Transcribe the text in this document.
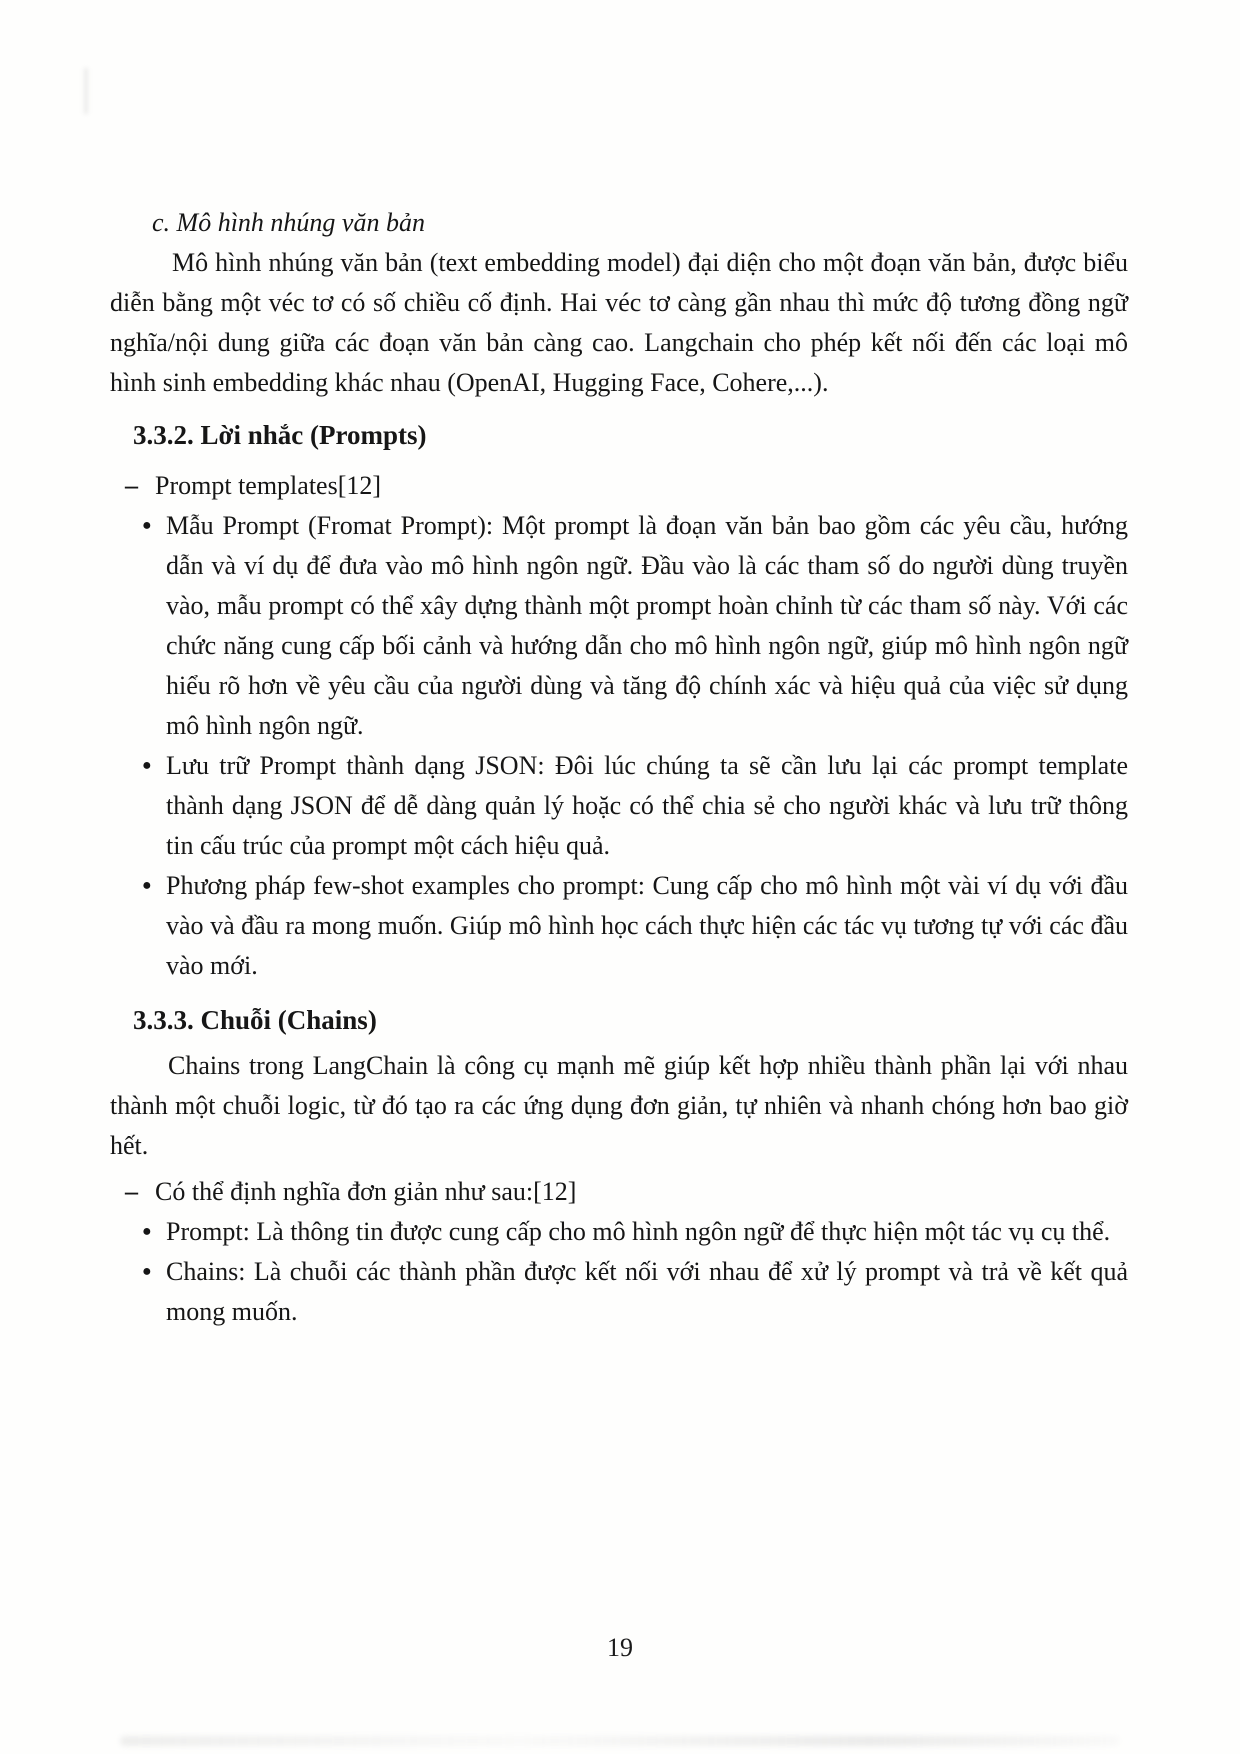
c. Mô hình nhúng văn bản

Mô hình nhúng văn bản (text embedding model) đại diện cho một đoạn văn bản, được biểu diễn bằng một véc tơ có số chiều cố định. Hai véc tơ càng gần nhau thì mức độ tương đồng ngữ nghĩa/nội dung giữa các đoạn văn bản càng cao. Langchain cho phép kết nối đến các loại mô hình sinh embedding khác nhau (OpenAI, Hugging Face, Cohere,...).

3.3.2. Lời nhắc (Prompts)
– Prompt templates[12]
● Mẫu Prompt (Fromat Prompt): Một prompt là đoạn văn bản bao gồm các yêu cầu, hướng dẫn và ví dụ để đưa vào mô hình ngôn ngữ. Đầu vào là các tham số do người dùng truyền vào, mẫu prompt có thể xây dựng thành một prompt hoàn chỉnh từ các tham số này. Với các chức năng cung cấp bối cảnh và hướng dẫn cho mô hình ngôn ngữ, giúp mô hình ngôn ngữ hiểu rõ hơn về yêu cầu của người dùng và tăng độ chính xác và hiệu quả của việc sử dụng mô hình ngôn ngữ.

● Lưu trữ Prompt thành dạng JSON: Đôi lúc chúng ta sẽ cần lưu lại các prompt template thành dạng JSON để dễ dàng quản lý hoặc có thể chia sẻ cho người khác và lưu trữ thông tin cấu trúc của prompt một cách hiệu quả.

● Phương pháp few-shot examples cho prompt: Cung cấp cho mô hình một vài ví dụ với đầu vào và đầu ra mong muốn. Giúp mô hình học cách thực hiện các tác vụ tương tự với các đầu vào mới.

3.3.3. Chuỗi (Chains)

Chains trong LangChain là công cụ mạnh mẽ giúp kết hợp nhiều thành phần lại với nhau thành một chuỗi logic, từ đó tạo ra các ứng dụng đơn giản, tự nhiên và nhanh chóng hơn bao giờ hết.

– Có thể định nghĩa đơn giản như sau:[12]
● Prompt: Là thông tin được cung cấp cho mô hình ngôn ngữ để thực hiện một tác vụ cụ thể.

● Chains: Là chuỗi các thành phần được kết nối với nhau để xử lý prompt và trả về kết quả mong muốn.

19
